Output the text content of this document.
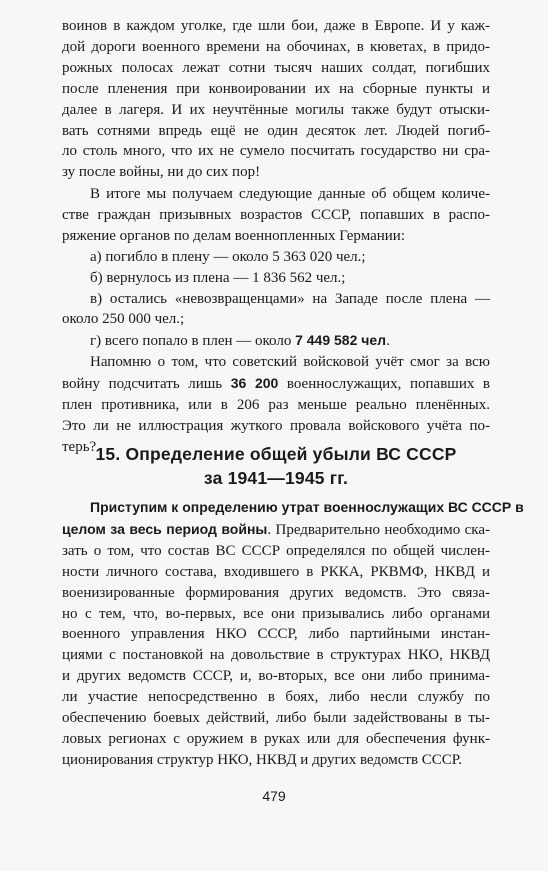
воинов в каждом уголке, где шли бои, даже в Европе. И у каж-
дой дороги военного времени на обочинах, в кюветах, в придо-
рожных полосах лежат сотни тысяч наших солдат, погибших
после пленения при конвоировании их на сборные пункты и
далее в лагеря. И их неучтённые могилы также будут отыски-
вать сотнями впредь ещё не один десяток лет. Людей погиб-
ло столь много, что их не сумело посчитать государство ни сра-
зу после войны, ни до сих пор!
В итоге мы получаем следующие данные об общем количе-
стве граждан призывных возрастов СССР, попавших в распо-
ряжение органов по делам военнопленных Германии:
а) погибло в плену — около 5 363 020 чел.;
б) вернулось из плена — 1 836 562 чел.;
в) остались «невозвращенцами» на Западе после плена —
около 250 000 чел.;
г) всего попало в плен — около 7 449 582 чел.
Напомню о том, что советский войсковой учёт смог за всю
войну подсчитать лишь 36 200 военнослужащих, попавших в
плен противника, или в 206 раз меньше реально пленённых.
Это ли не иллюстрация жуткого провала войскового учёта по-
терь? 15. Определение общей убыли ВС СССР
за 1941—1945 гг.
Приступим к определению утрат военнослужащих ВС СССР в
целом за весь период войны. Предварительно необходимо ска-
зать о том, что состав ВС СССР определялся по общей числен-
ности личного состава, входившего в РККА, РКВМФ, НКВД и
военизированные формирования других ведомств. Это связа-
но с тем, что, во-первых, все они призывались либо органами
военного управления НКО СССР, либо партийными инстан-
циями с постановкой на довольствие в структурах НКО, НКВД
и других ведомств СССР, и, во-вторых, все они либо принима-
ли участие непосредственно в боях, либо несли службу по
обеспечению боевых действий, либо были задействованы в ты-
ловых регионах с оружием в руках или для обеспечения функ-
ционирования структур НКО, НКВД и других ведомств СССР.
479
